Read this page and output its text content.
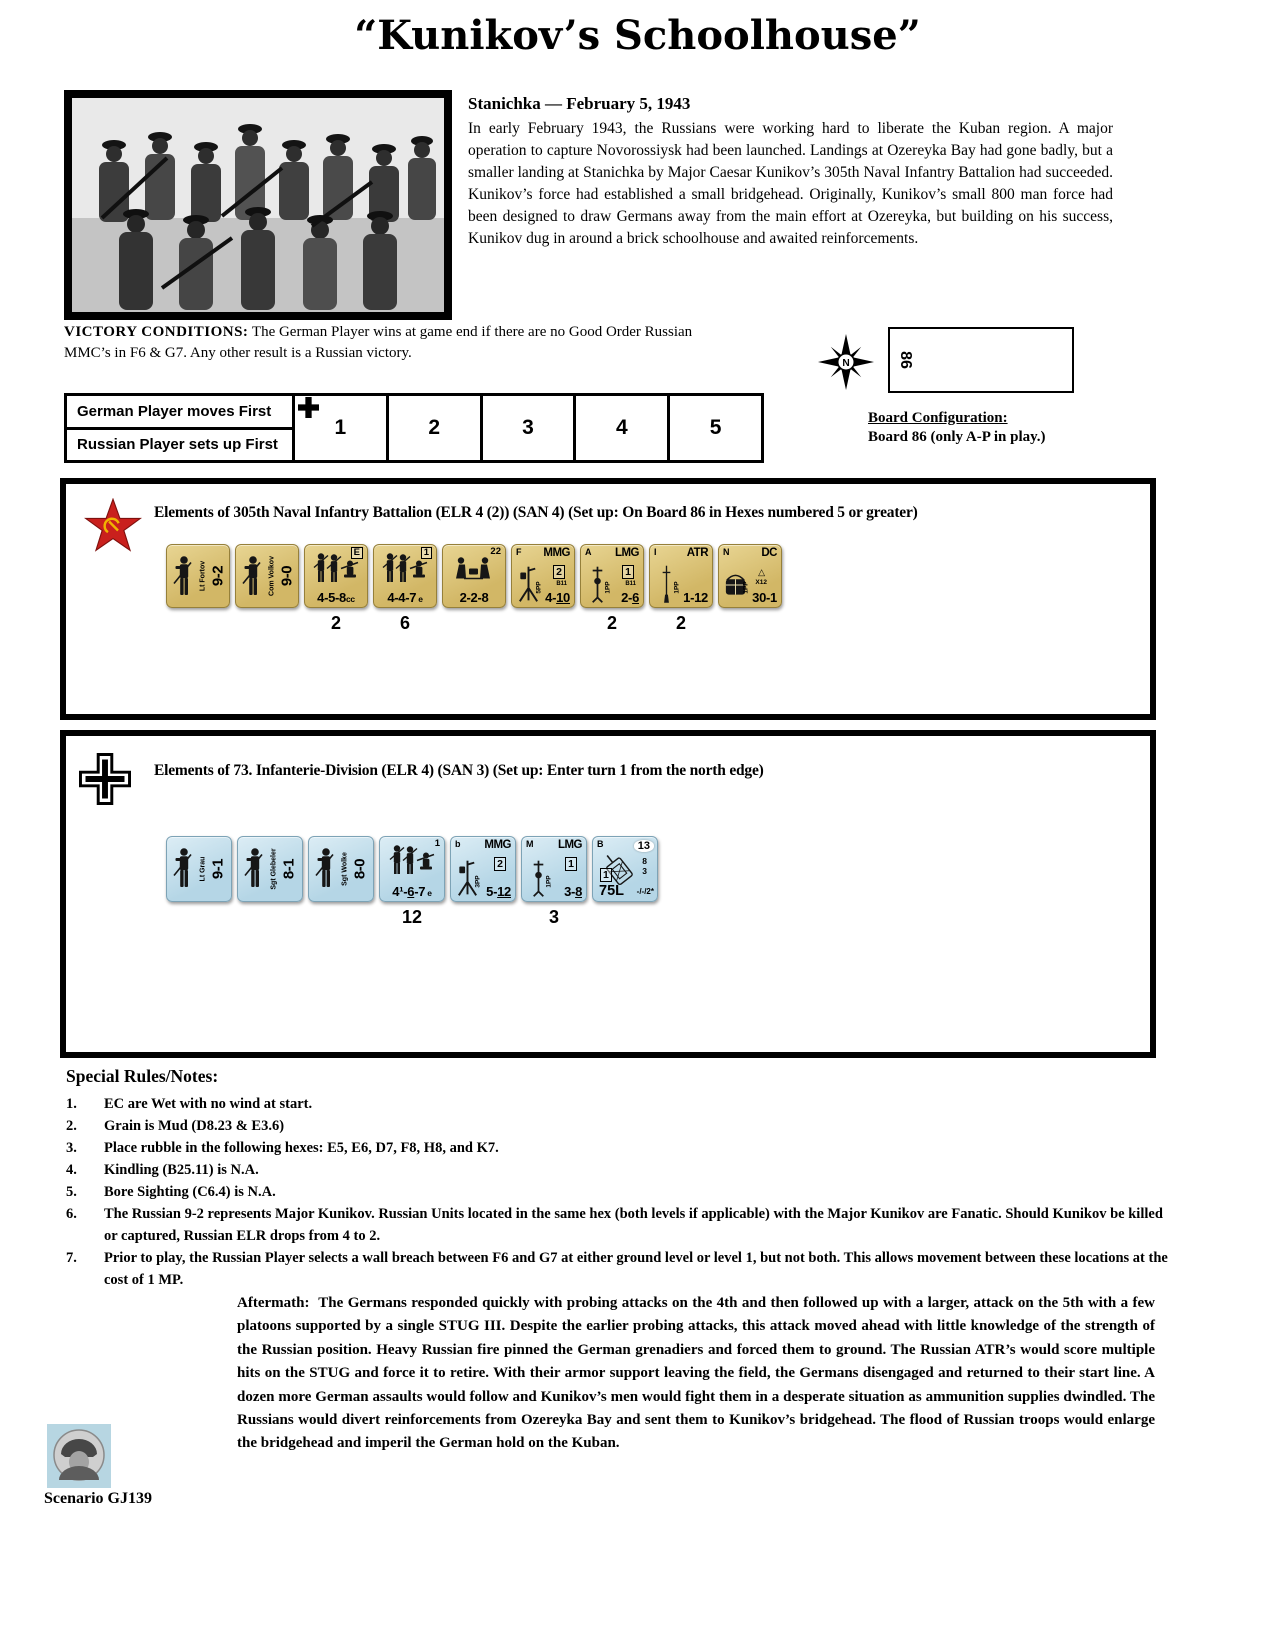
“Kunikov’s Schoolhouse”
Stanichka — February 5, 1943

In early February 1943, the Russians were working hard to liberate the Kuban region. A major operation to capture Novorossiysk had been launched. Landings at Ozereyka Bay had gone badly, but a smaller landing at Stanichka by Major Caesar Kunikov’s 305th Naval Infantry Battalion had succeeded. Kunikov’s force had established a small bridgehead. Originally, Kunikov’s small 800 man force had been designed to draw Germans away from the main effort at Ozereyka, but building on his success, Kunikov dug in around a brick schoolhouse and awaited reinforcements.

VICTORY CONDITIONS: The German Player wins at game end if there are no Good Order Russian MMC’s in F6 & G7. Any other result is a Russian victory.
German Player moves First
Russian Player sets up First
1	2	3	4	5
N	86
Board Configuration:
Board 86 (only A-P in play.)
Elements of 305th Naval Infantry Battalion (ELR 4 (2)) (SAN 4) (Set up: On Board 86 in Hexes numbered 5 or greater)
Lt Fortov 9-2	Com Volkov 9-0 E
4-5-8cc
2 1
4-4-7 e
6	22
2-2-8
F MMG
5PP
2
B11
4-10
A LMG
1PP
1
B11
2-6
2
I	ATR
1PP
1-12
2
N	DC
1PP
△
X12
30-1
Elements of 73. Infanterie-Division (ELR 4) (SAN 3) (Set up: Enter turn 1 from the north edge)
Lt Grau 9-1	Sgt Glebeler 8-1	Sgt Wolke 8-0 1
4¹-6-7 e
12 b MMG
3PP
2
5-12
M LMG
1PP
1
3-8
3
B	13
8
3
1
75L -/-/2*
Special Rules/Notes:
1.	EC are Wet with no wind at start.
2.	Grain is Mud (D8.23 & E3.6)
3.	Place rubble in the following hexes: E5, E6, D7, F8, H8, and K7.
4.	Kindling (B25.11) is N.A.
5.	Bore Sighting (C6.4) is N.A.
6.	The Russian 9-2 represents Major Kunikov. Russian Units located in the same hex (both levels if applicable) with the Major Kunikov are Fanatic. Should Kunikov be killed or captured, Russian ELR drops from 4 to 2.
7.	Prior to play, the Russian Player selects a wall breach between F6 and G7 at either ground level or level 1, but not both. This allows movement between these locations at the cost of 1 MP.
Aftermath: The Germans responded quickly with probing attacks on the 4th and then followed up with a larger, attack on the 5th with a few platoons supported by a single STUG III. Despite the earlier probing attacks, this attack moved ahead with little knowledge of the strength of the Russian position. Heavy Russian fire pinned the German grenadiers and forced them to ground. The Russian ATR’s would score multiple hits on the STUG and force it to retire. With their armor support leaving the field, the Germans disengaged and returned to their start line. A dozen more German assaults would follow and Kunikov’s men would fight them in a desperate situation as ammunition supplies dwindled. The Russians would divert reinforcements from Ozereyka Bay and sent them to Kunikov’s bridgehead. The flood of Russian troops would enlarge the bridgehead and imperil the German hold on the Kuban.
Scenario GJ139
